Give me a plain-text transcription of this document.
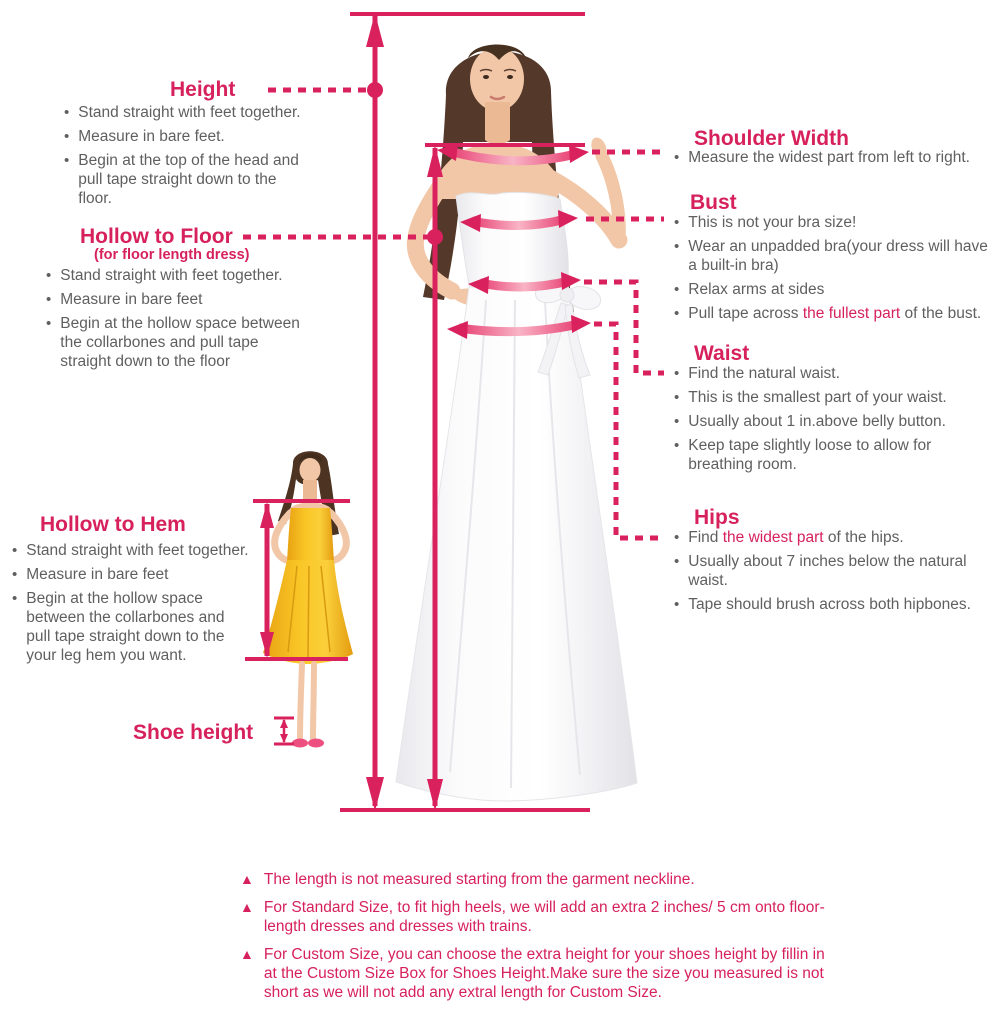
Height
• Stand straight with feet together.
• Measure in bare feet.
• Begin at the top of the head and pull tape straight down to the floor.
Hollow to Floor
(for floor length dress)
• Stand straight with feet together.
• Measure in bare feet
• Begin at the hollow space between the collarbones and pull tape straight down to the floor
Hollow to Hem
• Stand straight with feet together.
• Measure in bare feet
• Begin at the hollow space between the collarbones and pull tape straight down to the your leg hem you want.
Shoe height
Shoulder Width
• Measure the widest part from left to right.
Bust
• This is not your bra size!
• Wear an unpadded bra(your dress will have a built-in bra)
• Relax arms at sides
• Pull tape across the fullest part of the bust.
Waist
• Find the natural waist.
• This is the smallest part of your waist.
• Usually about 1 in.above belly button.
• Keep tape slightly loose to allow for breathing room.
Hips
• Find the widest part of the hips.
• Usually about 7 inches below the natural waist.
• Tape should brush across both hipbones.
▲ The length is not measured starting from the garment neckline.
▲ For Standard Size, to fit high heels, we will add an extra 2 inches/ 5 cm onto floor-length dresses and dresses with trains.
▲ For Custom Size, you can choose the extra height for your shoes height by fillin in at the Custom Size Box for Shoes Height.Make sure the size you measured is not short as we will not add any extral length for Custom Size.
